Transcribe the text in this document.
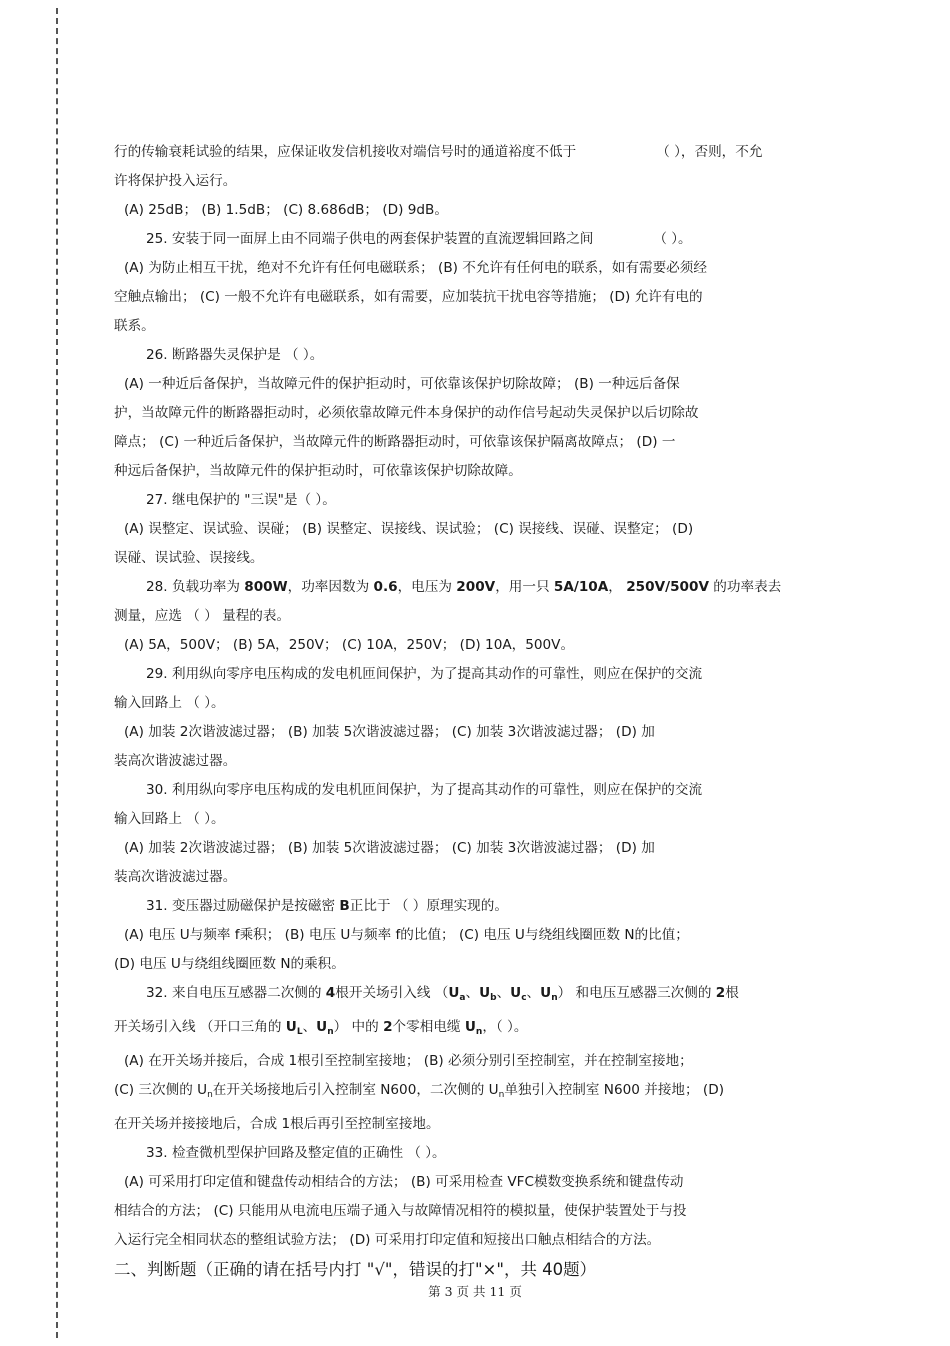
行的传输衰耗试验的结果，应保证收发信机接收对端信号时的通道裕度不低于	（ ），否则，不允

许将保护投入运行。

(A) 25dB； (B) 1.5dB； (C) 8.686dB； (D) 9dB。

25. 安装于同一面屏上由不同端子供电的两套保护装置的直流逻辑回路之间	（ ）。

(A) 为防止相互干扰，绝对不允许有任何电磁联系； (B) 不允许有任何电的联系，如有需要必须经

空触点输出； (C) 一般不允许有电磁联系，如有需要，应加装抗干扰电容等措施； (D) 允许有电的

联系。

26. 断路器失灵保护是 （ ）。

(A) 一种近后备保护，当故障元件的保护拒动时，可依靠该保护切除故障； (B) 一种远后备保

护，当故障元件的断路器拒动时，必须依靠故障元件本身保护的动作信号起动失灵保护以后切除故

障点； (C) 一种近后备保护，当故障元件的断路器拒动时，可依靠该保护隔离故障点； (D) 一

种远后备保护，当故障元件的保护拒动时，可依靠该保护切除故障。

27. 继电保护的 "三误"是（ ）。

(A) 误整定、误试验、误碰； (B) 误整定、误接线、误试验； (C) 误接线、误碰、误整定； (D)

误碰、误试验、误接线。

28. 负载功率为 800W，功率因数为 0.6，电压为 200V，用一只 5A/10A， 250V/500V 的功率表去

测量，应选 （ ） 量程的表。

(A) 5A，500V； (B) 5A，250V； (C) 10A，250V； (D) 10A，500V。

29. 利用纵向零序电压构成的发电机匝间保护，为了提高其动作的可靠性，则应在保护的交流

输入回路上 （ ）。

(A) 加装 2次谐波滤过器； (B) 加装 5次谐波滤过器； (C) 加装 3次谐波滤过器； (D) 加

装高次谐波滤过器。

30. 利用纵向零序电压构成的发电机匝间保护，为了提高其动作的可靠性，则应在保护的交流

输入回路上 （ ）。

(A) 加装 2次谐波滤过器； (B) 加装 5次谐波滤过器； (C) 加装 3次谐波滤过器； (D) 加

装高次谐波滤过器。

31. 变压器过励磁保护是按磁密 B正比于 （ ）原理实现的。

(A) 电压 U与频率 f乘积； (B) 电压 U与频率 f的比值； (C) 电压 U与绕组线圈匝数 N的比值；

(D) 电压 U与绕组线圈匝数 N的乘积。

32. 来自电压互感器二次侧的 4根开关场引入线 （$U_a$、$U_b$、$U_c$、$U_n$） 和电压互感器三次侧的 2根

开关场引入线 （开口三角的 $U_L$、$U_n$） 中的 2个零相电缆 $U_n$，（ ）。

(A) 在开关场并接后，合成 1根引至控制室接地； (B) 必须分别引至控制室，并在控制室接地；

(C) 三次侧的 $U_n$在开关场接地后引入控制室 N600，二次侧的 $U_n$单独引入控制室 N600 并接地； (D)

在开关场并接接地后，合成 1根后再引至控制室接地。

33. 检查微机型保护回路及整定值的正确性 （ ）。

(A) 可采用打印定值和键盘传动相结合的方法； (B) 可采用检查 VFC模数变换系统和键盘传动

相结合的方法； (C) 只能用从电流电压端子通入与故障情况相符的模拟量，使保护装置处于与投

入运行完全相同状态的整组试验方法； (D) 可采用打印定值和短接出口触点相结合的方法。

二、判断题（正确的请在括号内打 "√"，错误的打"×"，共 40题）

第 3 页 共 11 页
